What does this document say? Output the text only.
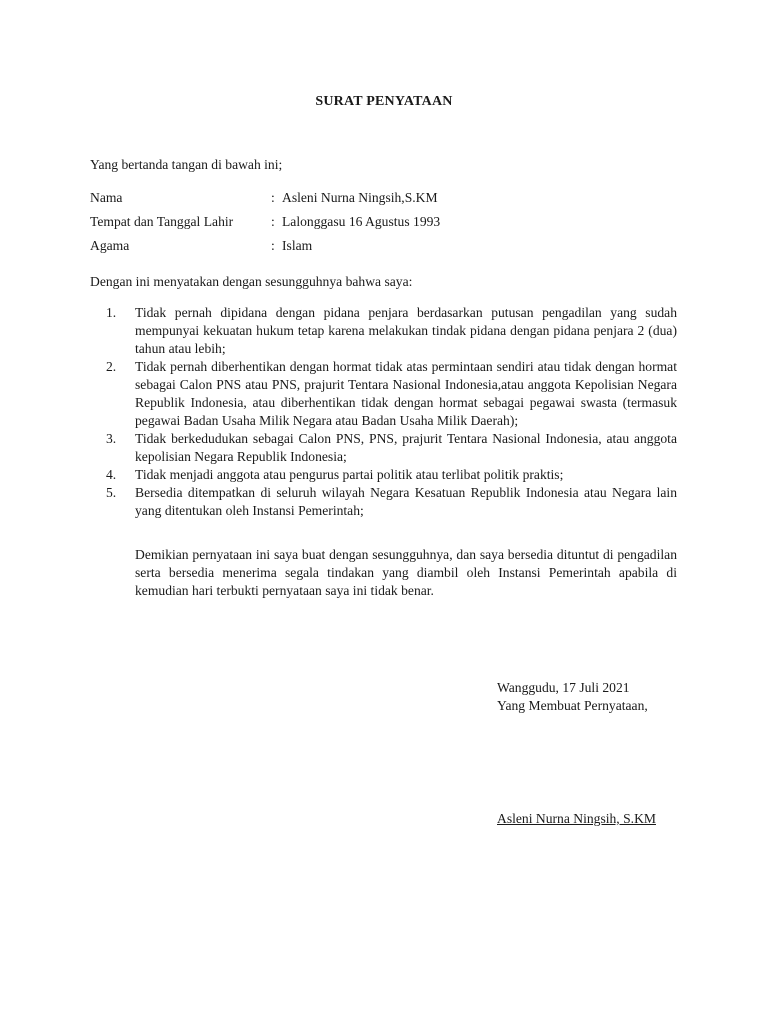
SURAT PENYATAAN
Yang bertanda tangan di bawah ini;
Nama	: Asleni Nurna Ningsih,S.KM
Tempat dan Tanggal Lahir	: Lalonggasu 16 Agustus 1993
Agama	: Islam
Dengan ini menyatakan dengan sesungguhnya bahwa saya:
1. Tidak pernah dipidana dengan pidana penjara berdasarkan putusan pengadilan yang sudah mempunyai kekuatan hukum tetap karena melakukan tindak pidana dengan pidana penjara 2 (dua) tahun atau lebih;
2. Tidak pernah diberhentikan dengan hormat tidak atas permintaan sendiri atau tidak dengan hormat sebagai Calon PNS atau PNS, prajurit Tentara Nasional Indonesia,atau anggota Kepolisian Negara Republik Indonesia, atau diberhentikan tidak dengan hormat sebagai pegawai swasta (termasuk pegawai Badan Usaha Milik Negara atau Badan Usaha Milik Daerah);
3. Tidak berkedudukan sebagai Calon PNS, PNS, prajurit Tentara Nasional Indonesia, atau anggota kepolisian Negara Republik Indonesia;
4. Tidak menjadi anggota atau pengurus partai politik atau terlibat politik praktis;
5. Bersedia ditempatkan di seluruh wilayah Negara Kesatuan Republik Indonesia atau Negara lain yang ditentukan oleh Instansi Pemerintah;
Demikian pernyataan ini saya buat dengan sesungguhnya, dan saya bersedia dituntut di pengadilan serta bersedia menerima segala tindakan yang diambil oleh Instansi Pemerintah apabila di kemudian hari terbukti pernyataan saya ini tidak benar.
Wanggudu, 17 Juli 2021
Yang Membuat Pernyataan,
Asleni Nurna Ningsih, S.KM
